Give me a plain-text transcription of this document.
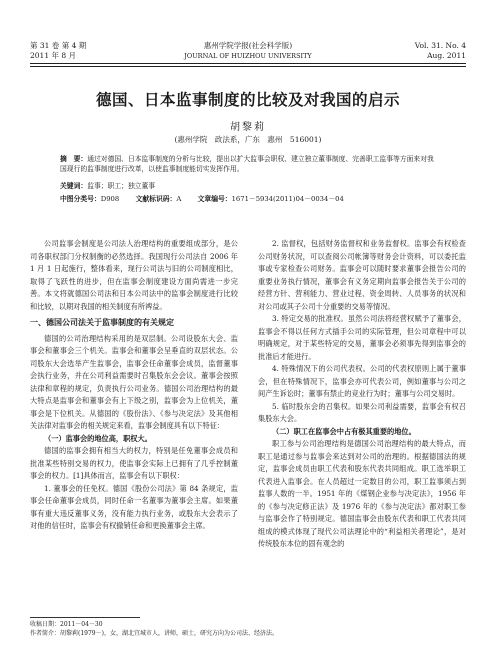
第 31 卷 第 4 期
2011 年 8 月
惠州学院学报(社会科学版)
JOURNAL OF HUIZHOU UNIVERSITY
Vol. 31. No. 4
Aug. 2011
德国、日本监事制度的比较及对我国的启示
胡黎莉
(惠州学院　政法系，广东　惠州　516001)
摘　要：通过对德国、日本监事制度的分析与比较，提出以扩大监事会职权、建立独立董事制度、完善职工监事等方面来对我国现行的监事制度进行改革，以使监事制度能切实发挥作用。
关键词：监事；职工；独立董事
中图分类号：D908 文献标识码：A 文章编号：1671－5934(2011)04－0034－04

公司监事会制度是公司法人治理结构的重要组成部分，是公司各职权部门分权制衡的必然选择。我国现行公司法自 2006 年 1 月 1 日起施行，整体看来，现行公司法与旧的公司制度相比，取得了飞跃性的进步，但在监事会制度建设方面尚需进一步完善。本文将就德国公司法和日本公司法中的监事会制度进行比较和比较，以期对我国的相关制度有所裨益。

一、德国公司法关于监事制度的有关规定

德国的公司治理结构采用的是双层制。公司设股东大会、监事会和董事会三个机关。监事会和董事会呈垂直的双层状态。公司股东大会选举产生监事会，监事会任命董事会成员，监督董事会执行业务，并在公司利益需要时召集股东会会议。董事会按照法律和章程的规定，负责执行公司业务。德国公司治理结构的最大特点是监事会和董事会有上下级之别，监事会为上位机关，董事会是下位机关。从德国的《股份法》、《参与决定法》及其他相关法律对监事会的相关规定来看，监事会制度具有以下特征：

（一）监事会的地位高，职权大。

德国的监事会拥有相当大的权力，特别是任免董事会成员和批准某些特别交易的权力，使监事会实际上已拥有了几乎控制董事会的权力。[1]具体而言，监事会有以下职权：

1. 董事会的任免权。德国《股份公司法》第 84 条规定，监事会任命董事会成员，同时任命一名董事为董事会主席。如果董事有重大违反董事义务，没有能力执行业务，或股东大会表示了对他的信任时，监事会有权撤销任命和更换董事会主席。

2. 监督权，包括财务监督权和业务监督权。监事会有权检查公司财务状况，可以查阅公司帐簿等财务会计资料，可以委托监事或专家检查公司财务。监事会可以随时要求董事会报告公司的重要业务执行情况，董事会有义务定期向监事会报告关于公司的经营方针、营利能力、营业过程、资金周转、人员事务的状况和对公司或其子公司十分重要的交易等情况。

3. 特定交易的批准权。虽然公司法将经营权赋予了董事会，监事会不得以任何方式插手公司的实际管理，但公司章程中可以明确规定，对于某些特定的交易，董事会必须事先得到监事会的批准后才能进行。

4. 特殊情况下的公司代表权。公司的代表权原则上属于董事会，但在特殊情况下，监事会亦可代表公司，例如董事与公司之间产生诉讼时；董事有禁止的竞业行为时；董事与公司交易时。

5. 临时股东会的召集权。如果公司利益需要，监事会有权召集股东大会。

（二）职工在监事会中占有极其重要的地位。

职工参与公司治理结构是德国公司治理结构的最大特点，而职工是通过参与监事会来达到对公司的治理的。根据德国法的规定，监事会成员由职工代表和股东代表共同组成。职工选举职工代表进入监事会。在人员超过一定数目的公司，职工监事须占到监事人数的一半。1951 年的《煤钢企业参与决定法》，1956 年的《参与决定修正法》及 1976 年的《参与决定法》都对职工参与监事会作了特别规定。德国监事会由股东代表和职工代表共同组成的模式体现了现代公司法理论中的“利益相关者理论”，是对传统股东本位的固有观念的

收稿日期：2011－04－30
作者简介：胡黎莉(1979－)，女，湖北宜城市人，讲师，硕士，研究方向为公司法、经济法。
